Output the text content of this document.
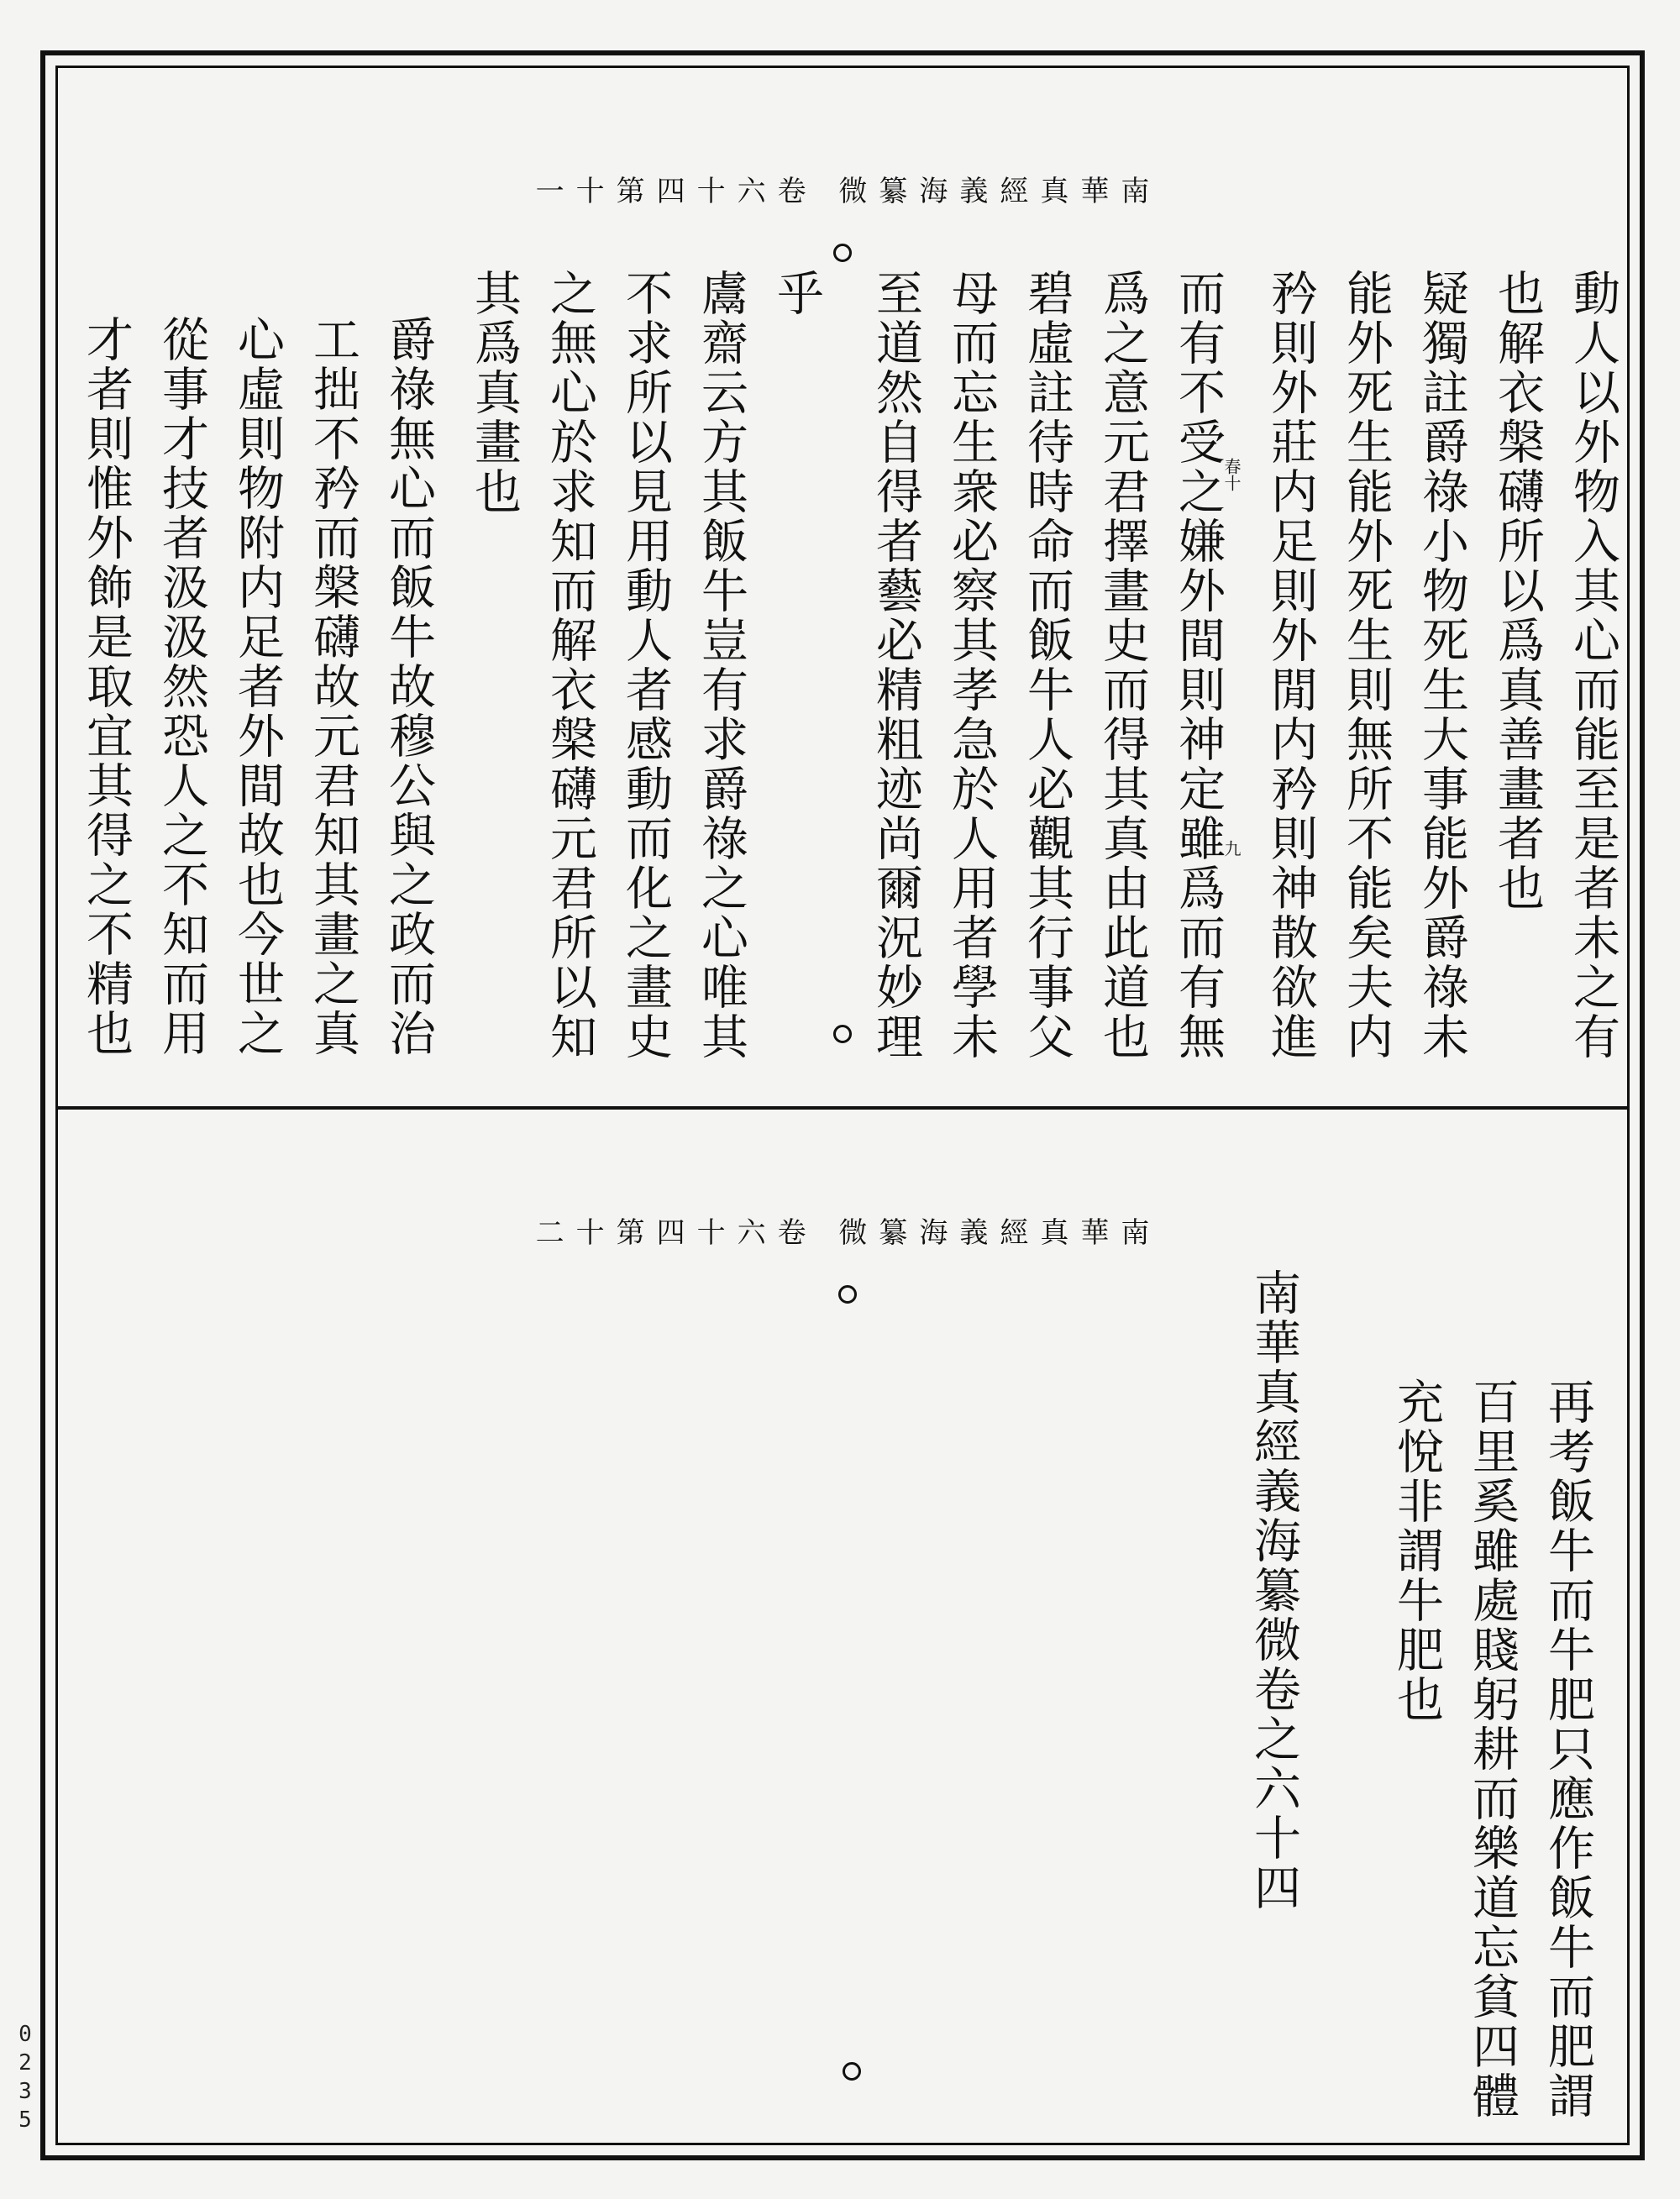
南華真經義海纂微 卷六十四第十一
南華真經義海纂微 卷六十四第十二
動人以外物入其心而能至是者未之有
也解衣槃礴所以爲真善畫者也
疑獨註爵祿小物死生大事能外爵祿未
能外死生能外死生則無所不能矣夫内
矜則外莊内足則外閒内矜則神散欲進
而有不受之嫌外間則神定雖爲而有無
爲之意元君擇畫史而得其真由此道也
碧虛註待時命而飯牛人必觀其行事父
母而忘生衆必察其孝急於人用者學未
至道然自得者藝必精粗迹尚爾況妙理
乎
鬳齋云方其飯牛豈有求爵祿之心唯其
不求所以見用動人者感動而化之畫史
之無心於求知而解衣槃礴元君所以知
其爲真畫也
爵祿無心而飯牛故穆公與之政而治
工拙不矜而槃礴故元君知其畫之真
心虛則物附内足者外間故也今世之
從事才技者汲汲然恐人之不知而用
才者則惟外飾是取宜其得之不精也	春十
九
再考飯牛而牛肥只應作飯牛而肥謂
百里奚雖處賤躬耕而樂道忘貧四體
充悅非謂牛肥也
南華真經義海纂微卷之六十四
0
2
3
5
